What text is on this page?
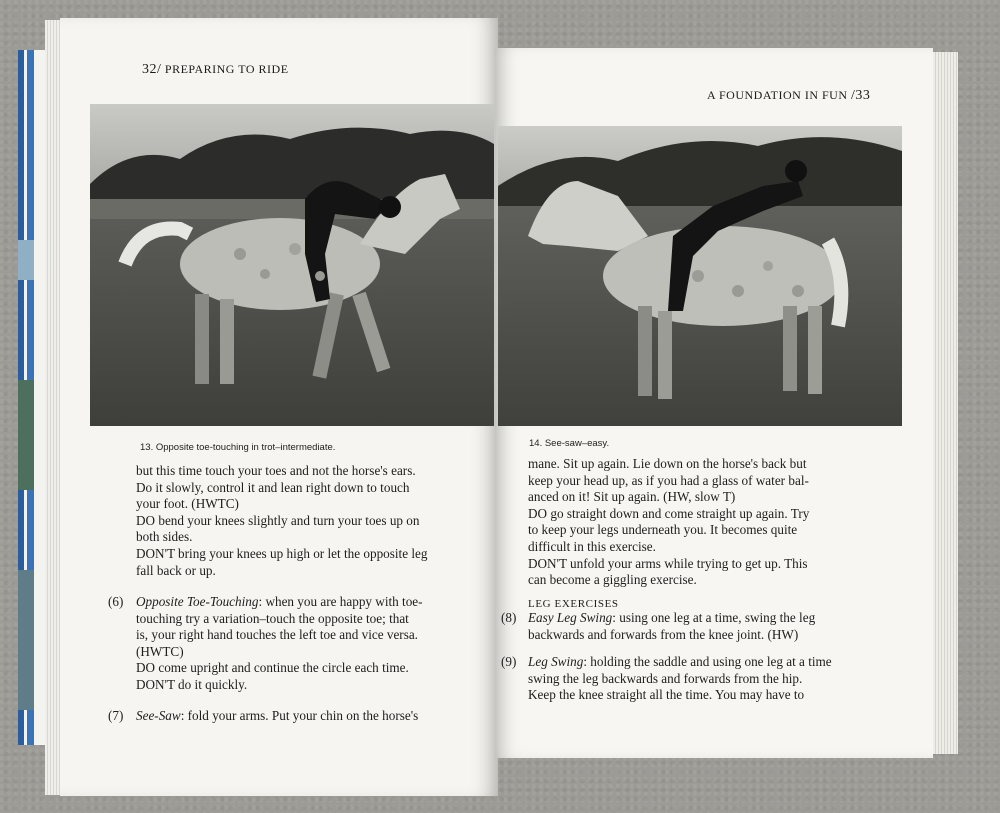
32/ PREPARING TO RIDE
13. Opposite toe-touching in trot–intermediate.
but this time touch your toes and not the horse's ears.
Do it slowly, control it and lean right down to touch
your foot. (HWTC)
DO bend your knees slightly and turn your toes up on
both sides.
DON'T bring your knees up high or let the opposite leg
fall back or up.
(6) Opposite Toe-Touching: when you are happy with toe-
touching try a variation–touch the opposite toe; that
is, your right hand touches the left toe and vice versa.
(HWTC)
DO come upright and continue the circle each time.
DON'T do it quickly.
(7) See-Saw: fold your arms. Put your chin on the horse's
A FOUNDATION IN FUN /33
14. See-saw–easy.
mane. Sit up again. Lie down on the horse's back but
keep your head up, as if you had a glass of water bal-
anced on it! Sit up again. (HW, slow T)
DO go straight down and come straight up again. Try
to keep your legs underneath you. It becomes quite
difficult in this exercise.
DON'T unfold your arms while trying to get up. This
can become a giggling exercise.
LEG EXERCISES
(8) Easy Leg Swing: using one leg at a time, swing the leg
backwards and forwards from the knee joint. (HW)
(9) Leg Swing: holding the saddle and using one leg at a time
swing the leg backwards and forwards from the hip.
Keep the knee straight all the time. You may have to
